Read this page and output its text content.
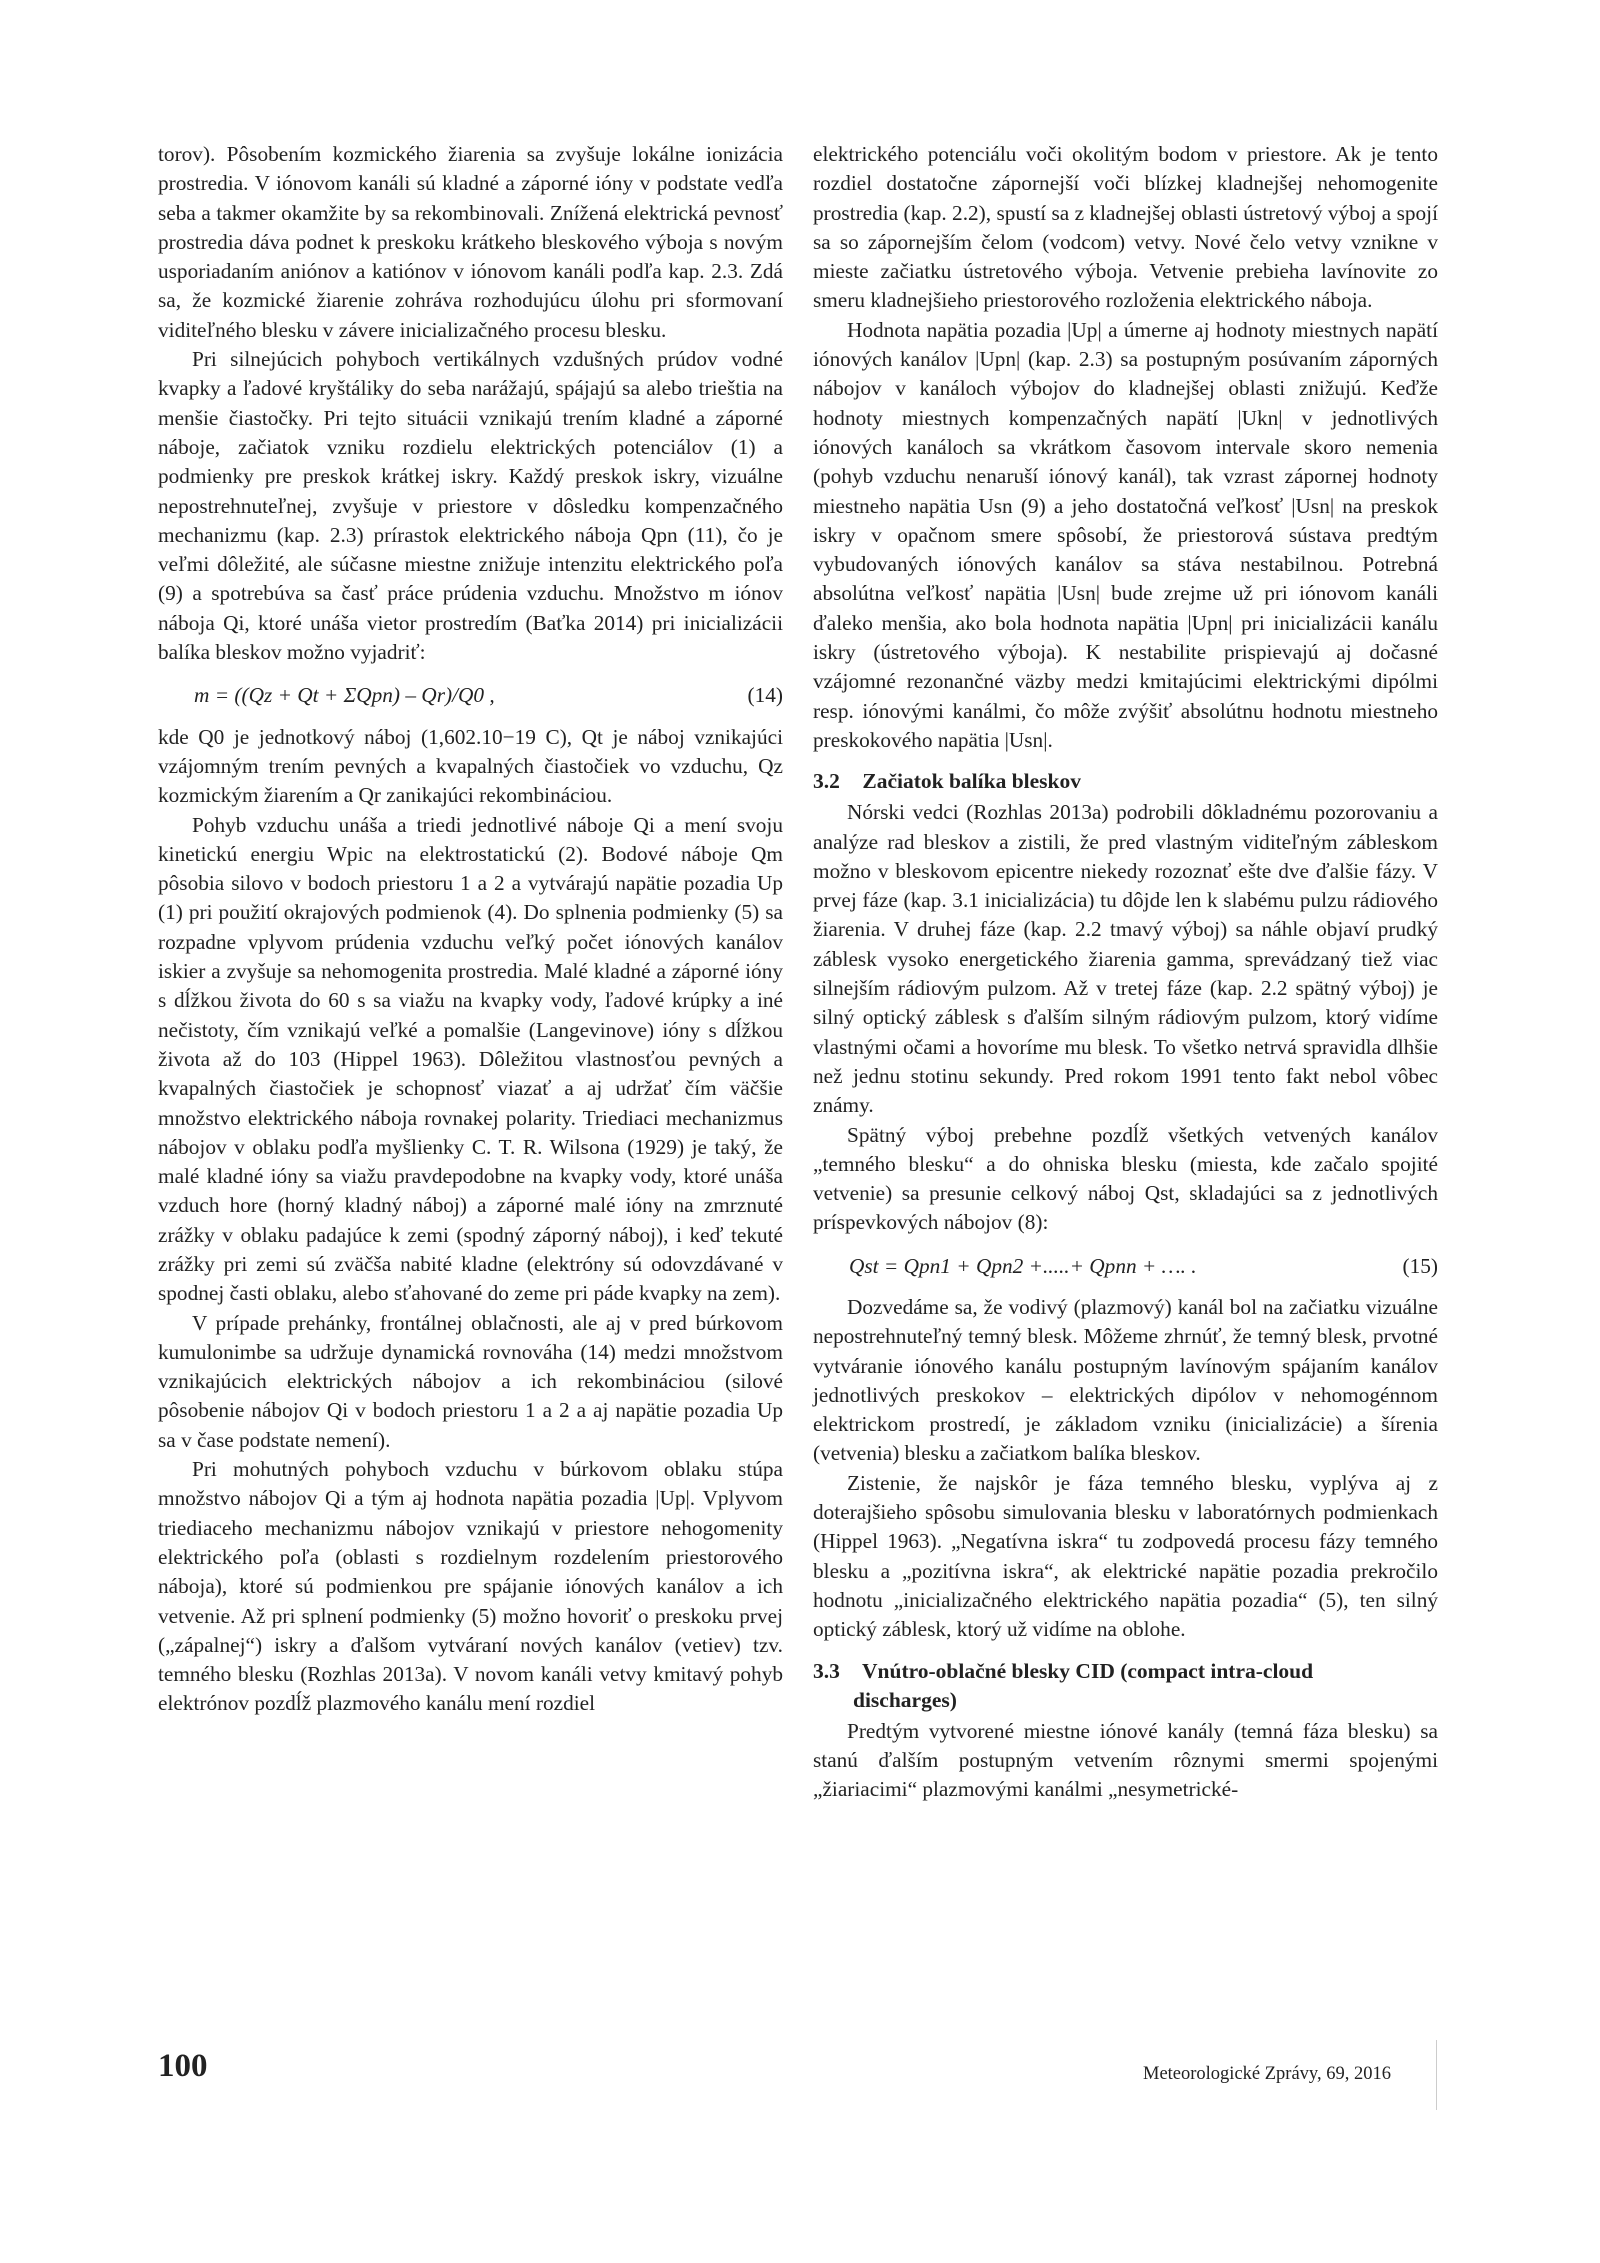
torov). Pôsobením kozmického žiarenia sa zvyšuje lokálne ionizácia prostredia. V iónovom kanáli sú kladné a záporné ióny v podstate vedľa seba a takmer okamžite by sa rekombinovali. Znížená elektrická pevnosť prostredia dáva podnet k preskoku krátkeho bleskového výboja s novým usporiadaním aniónov a katiónov v iónovom kanáli podľa kap. 2.3. Zdá sa, že kozmické žiarenie zohráva rozhodujúcu úlohu pri sformovaní viditeľného blesku v závere inicializačného procesu blesku.

Pri silnejúcich pohyboch vertikálnych vzdušných prúdov vodné kvapky a ľadové kryštáliky do seba narážajú, spájajú sa alebo trieštia na menšie čiastočky. Pri tejto situácii vznikajú trením kladné a záporné náboje, začiatok vzniku rozdielu elektrických potenciálov (1) a podmienky pre preskok krátkej iskry. Každý preskok iskry, vizuálne nepostrehnuteľnej, zvyšuje v priestore v dôsledku kompenzačného mechanizmu (kap. 2.3) prírastok elektrického náboja Qpn (11), čo je veľmi dôležité, ale súčasne miestne znižuje intenzitu elektrického poľa (9) a spotrebúva sa časť práce prúdenia vzduchu. Množstvo m iónov náboja Qi, ktoré unáša vietor prostredím (Baťka 2014) pri inicializácii balíka bleskov možno vyjadriť:

m = ((Qz + Qt + ΣQpn) – Qr)/Q0 ,	(14)

kde Q0 je jednotkový náboj (1,602.10−19 C), Qt je náboj vznikajúci vzájomným trením pevných a kvapalných čiastočiek vo vzduchu, Qz kozmickým žiarením a Qr zanikajúci rekombináciou.

Pohyb vzduchu unáša a triedi jednotlivé náboje Qi a mení svoju kinetickú energiu Wpic na elektrostatickú (2). Bodové náboje Qm pôsobia silovo v bodoch priestoru 1 a 2 a vytvárajú napätie pozadia Up (1) pri použití okrajových podmienok (4). Do splnenia podmienky (5) sa rozpadne vplyvom prúdenia vzduchu veľký počet iónových kanálov iskier a zvyšuje sa nehomogenita prostredia. Malé kladné a záporné ióny s dĺžkou života do 60 s sa viažu na kvapky vody, ľadové krúpky a iné nečistoty, čím vznikajú veľké a pomalšie (Langevinove) ióny s dĺžkou života až do 103 (Hippel 1963). Dôležitou vlastnosťou pevných a kvapalných čiastočiek je schopnosť viazať a aj udržať čím väčšie množstvo elektrického náboja rovnakej polarity. Triediaci mechanizmus nábojov v oblaku podľa myšlienky C. T. R. Wilsona (1929) je taký, že malé kladné ióny sa viažu pravdepodobne na kvapky vody, ktoré unáša vzduch hore (horný kladný náboj) a záporné malé ióny na zmrznuté zrážky v oblaku padajúce k zemi (spodný záporný náboj), i keď tekuté zrážky pri zemi sú zväčša nabité kladne (elektróny sú odovzdávané v spodnej časti oblaku, alebo sťahované do zeme pri páde kvapky na zem).

V prípade prehánky, frontálnej oblačnosti, ale aj v pred búrkovom kumulonimbe sa udržuje dynamická rovnováha (14) medzi množstvom vznikajúcich elektrických nábojov a ich rekombináciou (silové pôsobenie nábojov Qi v bodoch priestoru 1 a 2 a aj napätie pozadia Up sa v čase podstate nemení).

Pri mohutných pohyboch vzduchu v búrkovom oblaku stúpa množstvo nábojov Qi a tým aj hodnota napätia pozadia |Up|. Vplyvom triediaceho mechanizmu nábojov vznikajú v priestore nehogomenity elektrického poľa (oblasti s rozdielnym rozdelením priestorového náboja), ktoré sú podmienkou pre spájanie iónových kanálov a ich vetvenie. Až pri splnení podmienky (5) možno hovoriť o preskoku prvej („zápalnej“) iskry a ďalšom vytváraní nových kanálov (vetiev) tzv. temného blesku (Rozhlas 2013a). V novom kanáli vetvy kmitavý pohyb elektrónov pozdĺž plazmového kanálu mení rozdiel

elektrického potenciálu voči okolitým bodom v priestore. Ak je tento rozdiel dostatočne zápornejší voči blízkej kladnejšej nehomogenite prostredia (kap. 2.2), spustí sa z kladnejšej oblasti ústretový výboj a spojí sa so zápornejším čelom (vodcom) vetvy. Nové čelo vetvy vznikne v mieste začiatku ústretového výboja. Vetvenie prebieha lavínovite zo smeru kladnejšieho priestorového rozloženia elektrického náboja.

Hodnota napätia pozadia |Up| a úmerne aj hodnoty miestnych napätí iónových kanálov |Upn| (kap. 2.3) sa postupným posúvaním záporných nábojov v kanáloch výbojov do kladnejšej oblasti znižujú. Keďže hodnoty miestnych kompenzačných napätí |Ukn| v jednotlivých iónových kanáloch sa vkrátkom časovom intervale skoro nemenia (pohyb vzduchu nenaruší iónový kanál), tak vzrast zápornej hodnoty miestneho napätia Usn (9) a jeho dostatočná veľkosť |Usn| na preskok iskry v opačnom smere spôsobí, že priestorová sústava predtým vybudovaných iónových kanálov sa stáva nestabilnou. Potrebná absolútna veľkosť napätia |Usn| bude zrejme už pri iónovom kanáli ďaleko menšia, ako bola hodnota napätia |Upn| pri inicializácii kanálu iskry (ústretového výboja). K nestabilite prispievajú aj dočasné vzájomné rezonančné väzby medzi kmitajúcimi elektrickými dipólmi resp. iónovými kanálmi, čo môže zvýšiť absolútnu hodnotu miestneho preskokového napätia |Usn|.

3.2 Začiatok balíka bleskov

Nórski vedci (Rozhlas 2013a) podrobili dôkladnému pozorovaniu a analýze rad bleskov a zistili, že pred vlastným viditeľným zábleskom možno v bleskovom epicentre niekedy rozoznať ešte dve ďalšie fázy. V prvej fáze (kap. 3.1 inicializácia) tu dôjde len k slabému pulzu rádiového žiarenia. V druhej fáze (kap. 2.2 tmavý výboj) sa náhle objaví prudký záblesk vysoko energetického žiarenia gamma, sprevádzaný tiež viac silnejším rádiovým pulzom. Až v tretej fáze (kap. 2.2 spätný výboj) je silný optický záblesk s ďalším silným rádiovým pulzom, ktorý vidíme vlastnými očami a hovoríme mu blesk. To všetko netrvá spravidla dlhšie než jednu stotinu sekundy. Pred rokom 1991 tento fakt nebol vôbec známy.

Spätný výboj prebehne pozdĺž všetkých vetvených kanálov „temného blesku“ a do ohniska blesku (miesta, kde začalo spojité vetvenie) sa presunie celkový náboj Qst, skladajúci sa z jednotlivých príspevkových nábojov (8):

Qst = Qpn1 + Qpn2 +.....+ Qpnn + …. .	(15)

Dozvedáme sa, že vodivý (plazmový) kanál bol na začiatku vizuálne nepostrehnuteľný temný blesk. Môžeme zhrnúť, že temný blesk, prvotné vytváranie iónového kanálu postupným lavínovým spájaním kanálov jednotlivých preskokov – elektrických dipólov v nehomogénnom elektrickom prostredí, je základom vzniku (inicializácie) a šírenia (vetvenia) blesku a začiatkom balíka bleskov.

Zistenie, že najskôr je fáza temného blesku, vyplýva aj z doterajšieho spôsobu simulovania blesku v laboratórnych podmienkach (Hippel 1963). „Negatívna iskra“ tu zodpovedá procesu fázy temného blesku a „pozitívna iskra“, ak elektrické napätie pozadia prekročilo hodnotu „inicializačného elektrického napätia pozadia“ (5), ten silný optický záblesk, ktorý už vidíme na oblohe.

3.3 Vnútro-oblačné blesky CID (compact intra-cloud
discharges)

Predtým vytvorené miestne iónové kanály (temná fáza blesku) sa stanú ďalším postupným vetvením rôznymi smermi spojenými „žiariacimi“ plazmovými kanálmi „nesymetrické-

100	Meteorologické Zprávy, 69, 2016
